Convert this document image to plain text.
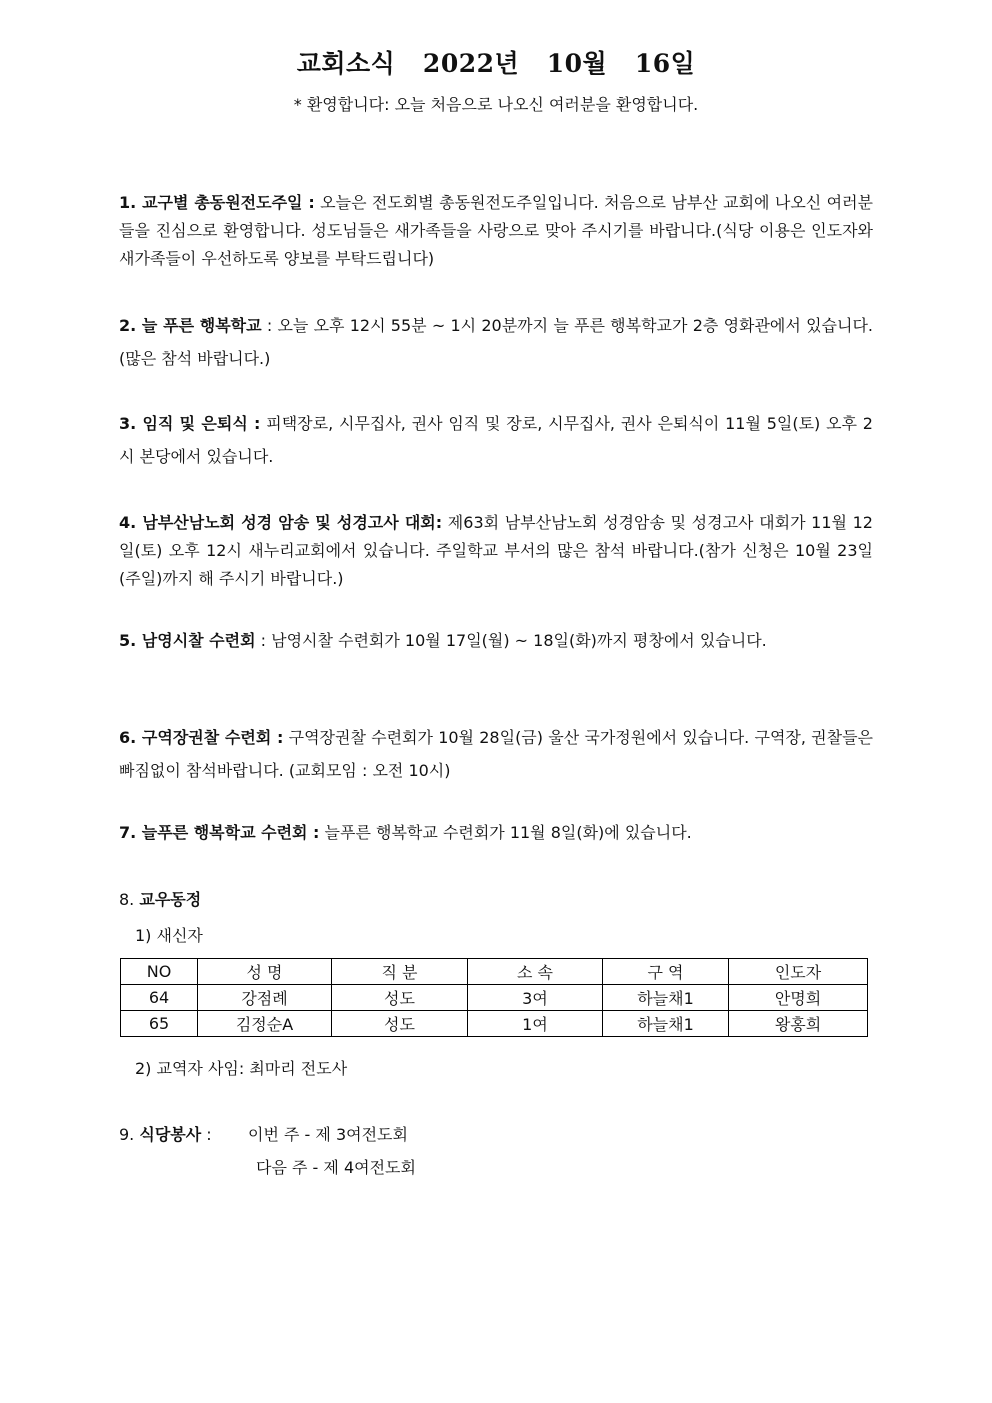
교회소식   2022년   10월   16일
* 환영합니다: 오늘 처음으로 나오신 여러분을 환영합니다.

1. 교구별 총동원전도주일 : 오늘은 전도회별 총동원전도주일입니다. 처음으로 남부산 교회에 나오신 여러분들을 진심으로 환영합니다. 성도님들은 새가족들을 사랑으로 맞아 주시기를 바랍니다.(식당 이용은 인도자와 새가족들이 우선하도록 양보를 부탁드립니다)

2. 늘 푸른 행복학교 : 오늘 오후 12시 55분 ~ 1시 20분까지 늘 푸른 행복학교가 2층 영화관에서 있습니다. (많은 참석 바랍니다.)

3. 임직 및 은퇴식 : 피택장로, 시무집사, 권사 임직 및 장로, 시무집사, 권사 은퇴식이 11월 5일(토) 오후 2시 본당에서 있습니다.

4. 남부산남노회 성경 암송 및 성경고사 대회: 제63회 남부산남노회 성경암송 및 성경고사 대회가 11월 12일(토) 오후 12시 새누리교회에서 있습니다. 주일학교 부서의 많은 참석 바랍니다.(참가 신청은 10월 23일(주일)까지 해 주시기 바랍니다.)

5. 남영시찰 수련회 : 남영시찰 수련회가 10월 17일(월) ~ 18일(화)까지 평창에서 있습니다.

6. 구역장권찰 수련회 : 구역장권찰 수련회가 10월 28일(금) 울산 국가정원에서 있습니다. 구역장, 권찰들은 빠짐없이 참석바랍니다. (교회모임 : 오전 10시)

7. 늘푸른 행복학교 수련회 : 늘푸른 행복학교 수련회가 11월 8일(화)에 있습니다.

8. 교우동정

1) 새신자
NO	성 명	직 분	소 속	구 역	인도자
64	강점례	성도	3여	하늘채1	안명희
65	김정순A	성도	1여	하늘채1	왕홍희
2) 교역자 사임: 최마리 전도사
9. 식당봉사 : 이번 주 - 제 3여전도회
다음 주 - 제 4여전도회
